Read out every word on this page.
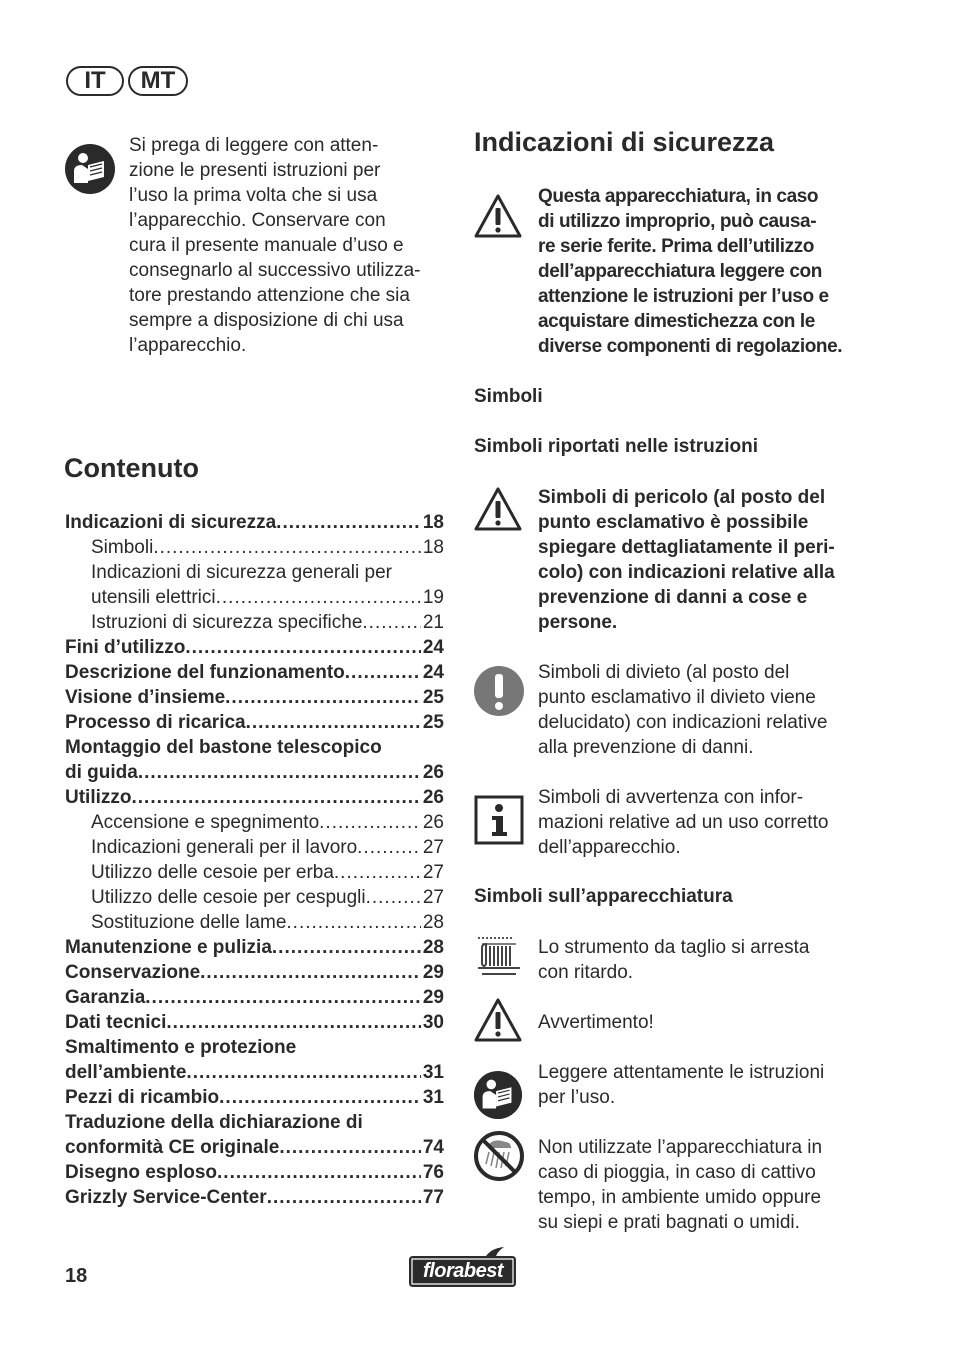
IT	MT
Si prega di leggere con atten-
zione le presenti istruzioni per
l’uso la prima volta che si usa
l’apparecchio. Conservare con
cura il presente manuale d’uso e
consegnarlo al successivo utilizza-
tore prestando attenzione che sia
sempre a disposizione di chi usa
l’apparecchio.
Contenuto
Indicazioni di sicurezza .....	18
Simboli .....	18
Indicazioni di sicurezza generali per
utensili elettrici .....	19
Istruzioni di sicurezza specifiche .....	21
Fini d’utilizzo .....	24
Descrizione del funzionamento .....	24
Visione d’insieme .....	25
Processo di ricarica .....	25
Montaggio del bastone telescopico
di guida .....	26
Utilizzo .....	26
Accensione e spegnimento .....	26
Indicazioni generali per il lavoro .....	27
Utilizzo delle cesoie per erba .....	27
Utilizzo delle cesoie per cespugli .....	27
Sostituzione delle lame .....	28
Manutenzione e pulizia .....	28
Conservazione .....	29
Garanzia .....	29
Dati tecnici .....	30
Smaltimento e protezione
dell’ambiente .....	31
Pezzi di ricambio .....	31
Traduzione della dichiarazione di
conformità CE originale .....	74
Disegno esploso .....	76
Grizzly Service-Center .....	77
Indicazioni di sicurezza
Questa apparecchiatura, in caso
di utilizzo improprio, può causa-
re serie ferite. Prima dell’utilizzo
dell’apparecchiatura leggere con
attenzione le istruzioni per l’uso e
acquistare dimestichezza con le
diverse componenti di regolazione.
Simboli
Simboli riportati nelle istruzioni
Simboli di pericolo (al posto del
punto esclamativo è possibile
spiegare dettagliatamente il peri-
colo) con indicazioni relative alla
prevenzione di danni a cose e
persone.
Simboli di divieto (al posto del
punto esclamativo il divieto viene
delucidato) con indicazioni relative
alla prevenzione di danni.
Simboli di avvertenza con infor-
mazioni relative ad un uso corretto
dell’apparecchio.
Simboli sull’apparecchiatura
Lo strumento da taglio si arresta
con ritardo.
Avvertimento!
Leggere attentamente le istruzioni
per l’uso.
Non utilizzate l’apparecchiatura in
caso di pioggia, in caso di cattivo
tempo, in ambiente umido oppure
su siepi e prati bagnati o umidi.
18	florabest
